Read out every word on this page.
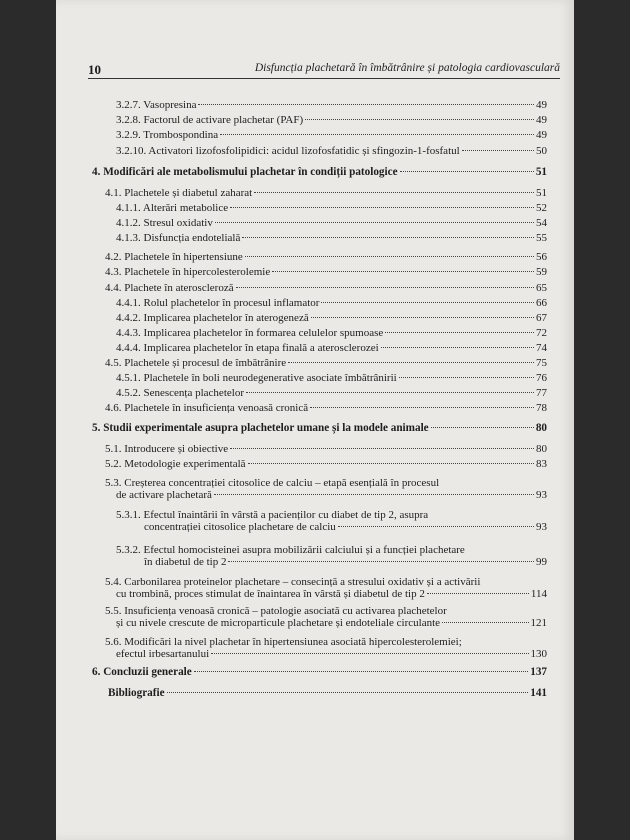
10	Disfuncția plachetară în îmbătrânire și patologia cardiovasculară
3.2.7. Vasopresina	49
3.2.8. Factorul de activare plachetar (PAF)	49
3.2.9. Trombospondina	49
3.2.10. Activatori lizofosfolipidici: acidul lizofosfatidic și sfingozin-1-fosfatul	50
4. Modificări ale metabolismului plachetar în condiții patologice	51
4.1. Plachetele și diabetul zaharat	51
4.1.1. Alterări metabolice	52
4.1.2. Stresul oxidativ	54
4.1.3. Disfuncția endotelială	55
4.2. Plachetele în hipertensiune	56
4.3. Plachetele în hipercolesterolemie	59
4.4. Plachete în ateroscleroză	65
4.4.1. Rolul plachetelor în procesul inflamator	66
4.4.2. Implicarea plachetelor în aterogeneză	67
4.4.3. Implicarea plachetelor în formarea celulelor spumoase	72
4.4.4. Implicarea plachetelor în etapa finală a aterosclerozei	74
4.5. Plachetele și procesul de îmbătrânire	75
4.5.1. Plachetele în boli neurodegenerative asociate îmbătrânirii	76
4.5.2. Senescența plachetelor	77
4.6. Plachetele în insuficiența venoasă cronică	78
5. Studii experimentale asupra plachetelor umane și la modele animale	80
5.1. Introducere și obiective	80
5.2. Metodologie experimentală	83
5.3. Creșterea concentrației citosolice de calciu – etapă esențială în procesul
de activare plachetară	93
5.3.1. Efectul înaintării în vârstă a pacienților cu diabet de tip 2, asupra
concentrației citosolice plachetare de calciu	93
5.3.2. Efectul homocisteinei asupra mobilizării calciului și a funcției plachetare
în diabetul de tip 2	99
5.4. Carbonilarea proteinelor plachetare – consecință a stresului oxidativ și a activării
cu trombină, proces stimulat de înaintarea în vârstă și diabetul de tip 2	114
5.5. Insuficiența venoasă cronică – patologie asociată cu activarea plachetelor
și cu nivele crescute de microparticule plachetare și endoteliale circulante	121
5.6. Modificări la nivel plachetar în hipertensiunea asociată hipercolesterolemiei;
efectul irbesartanului	130
6. Concluzii generale	137
Bibliografie	141
